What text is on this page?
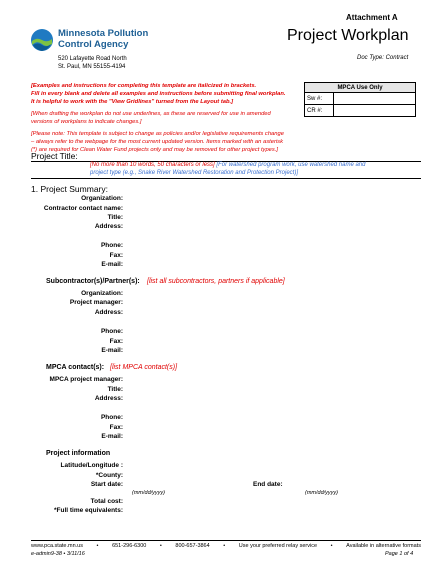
Attachment A
Minnesota Pollution
Control Agency
520 Lafayette Road North
St. Paul, MN 55155-4194
Project Workplan
Doc Type: Contract
[Examples and instructions for completing this template are italicized in brackets.
Fill in every blank and delete all examples and instructions before submitting final workplan.
It is helpful to work with the "View Gridlines" turned from the Layout tab.]
[When drafting the workplan do not use underlines, as these are reserved for use in amended
versions of workplans to indicate changes.]
[Please note: This template is subject to change as policies and/or legislative requirements change
– always refer to the webpage for the most current updated version. Items marked with an asterisk
(*) are required for Clean Water Fund projects only and may be removed for other project types.]
MPCA Use Only	
Sw #:	
CR #:	
Project Title:
[No more than 10 words, 50 characters or less] [For watershed program work, use watershed name and
project type (e.g., Snake River Watershed Restoration and Protection Project)]
1. Project Summary:
Organization:
Contractor contact name:
Title:
Address:
Phone:
Fax:
E-mail:
Subcontractor(s)/Partner(s): [list all subcontractors, partners if applicable]
Organization:
Project manager:
Address:
Phone:
Fax:
E-mail:
MPCA contact(s): [list MPCA contact(s)]
MPCA project manager:
Title:
Address:
Phone:
Fax:
E-mail:
Project information
Latitude/Longitude :
*County:
Start date:
(mm/dd/yyyy)
End date:
(mm/dd/yyyy)
Total cost:
*Full time equivalents:
www.pca.state.mn.us • 651-296-6300 • 800-657-3864 • Use your preferred relay service • Available in alternative formats
e-admin9-38 • 3/11/16	Page 1 of 4
